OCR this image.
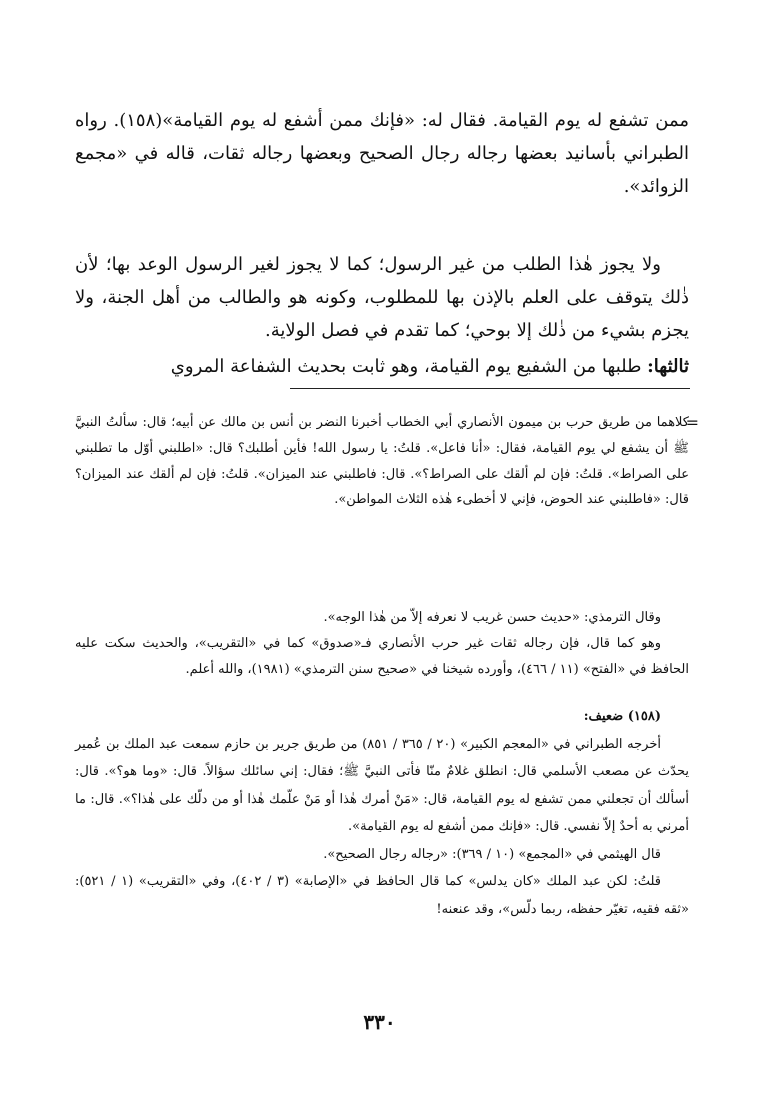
ممن تشفع له يوم القيامة. فقال له: «فإنك ممن أشفع له يوم القيامة»(١٥٨). رواه الطبراني بأسانيد بعضها رجاله رجال الصحيح وبعضها رجاله ثقات، قاله في «مجمع الزوائد».

ولا يجوز هٰذا الطلب من غير الرسول؛ كما لا يجوز لغير الرسول الوعد بها؛ لأن ذٰلك يتوقف على العلم بالإذن بها للمطلوب، وكونه هو والطالب من أهل الجنة، ولا يجزم بشيء من ذٰلك إلا بوحي؛ كما تقدم في فصل الولاية.

ثالثها: طلبها من الشفيع يوم القيامة، وهو ثابت بحديث الشفاعة المروي

=

كلاهما من طريق حرب بن ميمون الأنصاري أبي الخطاب أخبرنا النضر بن أنس بن مالك عن أبيه؛ قال: سألتُ النبيَّ ﷺ أن يشفع لي يوم القيامة، فقال: «أنا فاعل». قلتُ: يا رسول الله! فأين أطلبك؟ قال: «اطلبني أوّل ما تطلبني على الصراط». قلتُ: فإن لم ألقك على الصراط؟». قال: فاطلبني عند الميزان». قلتُ: فإن لم ألقك عند الميزان؟ قال: «فاطلبني عند الحوض، فإني لا أخطىء هٰذه الثلاث المواطن».

وقال الترمذي: «حديث حسن غريب لا نعرفه إلاّ من هٰذا الوجه».

وهو كما قال، فإن رجاله ثقات غير حرب الأنصاري فـ«صدوق» كما في «التقريب»، والحديث سكت عليه الحافظ في «الفتح» (١١ / ٤٦٦)، وأورده شيخنا في «صحيح سنن الترمذي» (١٩٨١)، والله أعلم.

(١٥٨) ضعيف:

أخرجه الطبراني في «المعجم الكبير» (٢٠ / ٣٦٥ / ٨٥١) من طريق جرير بن حازم سمعت عبد الملك بن عُمير يحدّث عن مصعب الأسلمي قال: انطلق غلامٌ منّا فأتى النبيَّ ﷺ؛ فقال: إني سائلك سؤالاً. قال: «وما هو؟». قال: أسألك أن تجعلني ممن تشفع له يوم القيامة، قال: «مَنْ أمرك هٰذا أو مَنْ علّمك هٰذا أو من دلّك على هٰذا؟». قال: ما أمرني به أحدٌ إلاّ نفسي. قال: «فإنك ممن أشفع له يوم القيامة».

قال الهيثمي في «المجمع» (١٠ / ٣٦٩): «رجاله رجال الصحيح».

قلتُ: لكن عبد الملك «كان يدلس» كما قال الحافظ في «الإصابة» (٣ / ٤٠٢)، وفي «التقريب» (١ / ٥٢١): «ثقه فقيه، تغيّر حفظه، ربما دلّس»، وقد عنعنه!

٣٣٠
